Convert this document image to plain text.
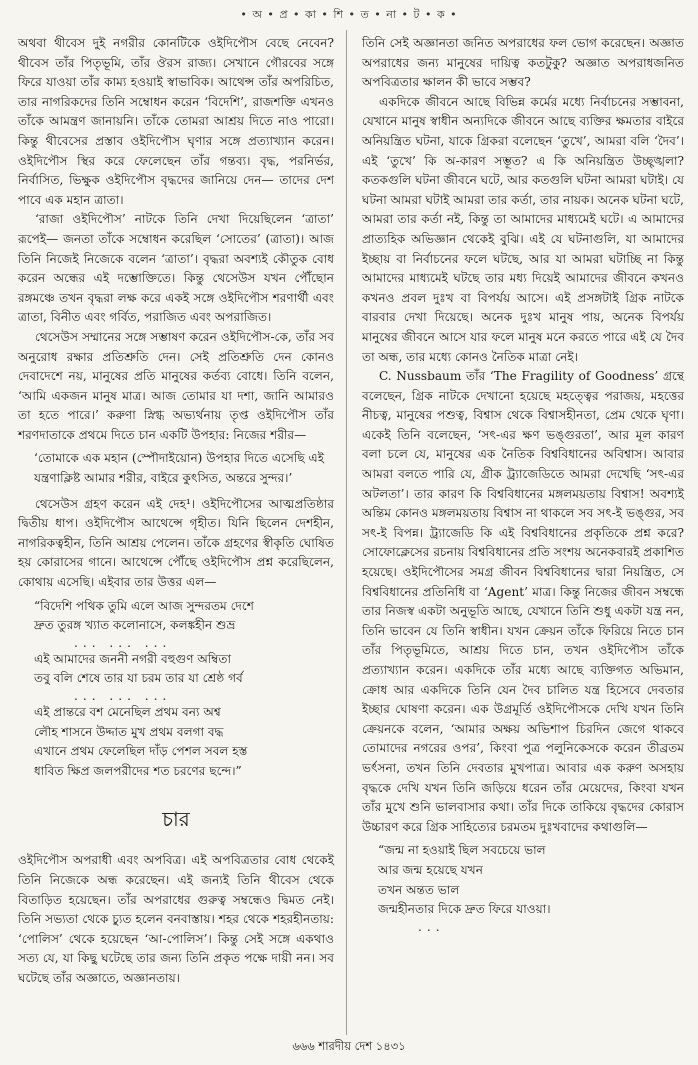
• অ • প্র • কা • শি • ত • না • ট • ক •

অথবা থীবেস দুই নগরীর কোনটিকে ওইদিপৌস বেছে নেবেন? থীবেস তাঁর পিতৃভূমি, তাঁর ঔরস রাজ্য। সেখানে গৌরবের সঙ্গে ফিরে যাওয়া তাঁর কাম্য হওয়াই স্বাভাবিক। আথেন্স তাঁর অপরিচিত, তার নাগরিকদের তিনি সম্বোধন করেন ‘বিদেশি’, রাজশক্তি এখনও তাঁকে আমন্ত্রণ জানায়নি। তাঁকে তোমরা আশ্রয় দিতে নাও পারো। কিন্তু থীবেসের প্রস্তাব ওইদিপৌস ঘৃণার সঙ্গে প্রত্যাখ্যান করেন। ওইদিপৌস স্থির করে ফেলেছেন তাঁর গন্তব্য। বৃদ্ধ, পরনির্ভর, নির্বাসিত, ভিক্ষুক ওইদিপৌস বৃদ্ধদের জানিয়ে দেন— তাদের দেশ পাবে এক মহান ত্রাতা।

‘রাজা ওইদিপৌস’ নাটকে তিনি দেখা দিয়েছিলেন ‘ত্রাতা’ রূপেই— জনতা তাঁকে সম্বোধন করেছিল ‘সোতের’ (ত্রাতা)। আজ তিনি নিজেই নিজেকে বলেন ‘ত্রাতা’। বৃদ্ধরা অবশ্যই কৌতুক বোধ করেন অন্ধের এই দম্ভোক্তিতে। কিন্তু থেসেউস যখন পৌঁছোন রঙ্গমঞ্চে তখন বৃদ্ধরা লক্ষ করে একই সঙ্গে ওইদিপৌস শরণার্থী এবং ত্রাতা, বিনীত এবং গর্বিত, পরাজিত এবং অপরাজিত।

থেসেউস সম্মানের সঙ্গে সম্ভাষণ করেন ওইদিপৌস-কে, তাঁর সব অনুরোধ রক্ষার প্রতিশ্রুতি দেন। সেই প্রতিশ্রুতি দেন কোনও দেবাদেশে নয়, মানুষের প্রতি মানুষের কর্তব্য বোধে। তিনি বলেন, ‘আমি একজন মানুষ মাত্র। আজ তোমার যা দশা, জানি আমারও তা হতে পারে।’ করুণা স্নিগ্ধ অভ্যর্থনায় তৃপ্ত ওইদিপৌস তাঁর শরণদাতাকে প্রথমে দিতে চান একটি উপহার: নিজের শরীর—

‘তোমাকে এক মহান (স্পৌদাইয়োন) উপহার দিতে এসেছি এই যন্ত্রণাক্লিষ্ট আমার শরীর, বাইরে কুৎসিত, অন্তরে সুন্দর।’

থেসেউস গ্রহণ করেন এই দেহ¹। ওইদিপৌসের আত্মপ্রতিষ্ঠার দ্বিতীয় ধাপ। ওইদিপৌস আথেন্সে গৃহীত। যিনি ছিলেন দেশহীন, নাগরিকত্বহীন, তিনি আশ্রয় পেলেন। তাঁকে গ্রহণের স্বীকৃতি ঘোষিত হয় কোরাসের গানে। আথেন্সে পৌঁছে ওইদিপৌস প্রশ্ন করেছিলেন, কোথায় এসেছি। এইবার তার উত্তর এল—

“বিদেশি পথিক তুমি এলে আজ সুন্দরতম দেশে

দ্রুত তুরঙ্গ খ্যাত কলোনাসে, কলঙ্কহীন শুভ্র

... ... ...

এই আমাদের জননী নগরী বহুগুণ অম্বিতা

তবু বলি শেষে তার যা চরম তার যা শ্রেষ্ঠ গর্ব

... ... ...

এই প্রান্তরে বশ মেনেছিল প্রথম বন্য অশ্ব

লৌহ শাসনে উদ্দাত মুখ প্রথম বলগা বদ্ধ

এখানে প্রথম ফেলেছিল দাঁড় পেশল সবল হস্ত

ধাবিত ক্ষিপ্র জলপরীদের শত চরণের ছন্দে।”

চার

ওইদিপৌস অপরাধী এবং অপবিত্র। এই অপবিত্রতার বোধ থেকেই তিনি নিজেকে অন্ধ করেছেন। এই জন্যই তিনি থীবেস থেকে বিতাড়িত হয়েছেন। তাঁর অপরাধের গুরুত্ব সম্বন্ধেও দ্বিমত নেই। তিনি সভ্যতা থেকে চ্যুত হলেন বনবাস্তায়। শহর থেকে শহরহীনতায়: ‘পোলিস’ থেকে হয়েছেন ‘আ-পোলিস’। কিন্তু সেই সঙ্গে একথাও সত্য যে, যা কিছু ঘটেছে তার জন্য তিনি প্রকৃত পক্ষে দায়ী নন। সব ঘটেছে তাঁর অজ্ঞাতে, অজ্ঞানতায়।

তিনি সেই অজ্ঞানতা জনিত অপরাধের ফল ভোগ করেছেন। অজ্ঞাত অপরাধের জন্য মানুষের দায়িত্ব কতটুকু? অজ্ঞাত অপরাধজনিত অপবিত্রতার ক্ষালন কী ভাবে সম্ভব?

একদিকে জীবনে আছে বিভিন্ন কর্মের মধ্যে নির্বাচনের সম্ভাবনা, যেখানে মানুষ স্বাধীন অন্যদিকে জীবনে আছে ব্যক্তির ক্ষমতার বাইরে অনিয়ন্ত্রিত ঘটনা, যাকে গ্রিকরা বলেছেন ‘তুখে’, আমরা বলি ‘দৈব’। এই ‘তুখে’ কি অ-কারণ সম্ভূত? এ কি অনিয়ন্ত্রিত উচ্ছৃঙ্খলা? কতকগুলি ঘটনা জীবনে ঘটে, আর কতগুলি ঘটনা আমরা ঘটাই। যে ঘটনা আমরা ঘটাই আমরা তার কর্তা, তার নায়ক। অনেক ঘটনা ঘটে, আমরা তার কর্তা নই, কিন্তু তা আমাদের মাধ্যমেই ঘটে। এ আমাদের প্রাত্যহিক অভিজ্ঞান থেকেই বুঝি। এই যে ঘটনাগুলি, যা আমাদের ইচ্ছায় বা নির্বাচনের ফলে ঘটছে, আর যা আমরা ঘটাচ্ছি না কিন্তু আমাদের মাধ্যমেই ঘটছে তার মধ্য দিয়েই আমাদের জীবনে কখনও কখনও প্রবল দুঃখ বা বিপর্যয় আসে। এই প্রসঙ্গটাই গ্রিক নাটকে বারবার দেখা দিয়েছে। অনেক দুঃখ মানুষ পায়, অনেক বিপর্যয় মানুষের জীবনে আসে যার ফলে মানুষ মনে করতে পারে এই যে দৈব তা অন্ধ, তার মধ্যে কোনও নৈতিক মাত্রা নেই।

C. Nussbaum তাঁর ‘The Fragility of Goodness’ গ্রন্থে বলেছেন, গ্রিক নাটকে দেখানো হয়েছে মহত্ত্বের পরাজয়, মহত্তের নীচত্ব, মানুষের পশুত্ব, বিশ্বাস থেকে বিশ্বাসহীনতা, প্রেম থেকে ঘৃণা। একেই তিনি বলেছেন, ‘সৎ-এর ক্ষণ ভঙ্গুরতা’, আর মূল কারণ বলা চলে যে, মানুষের এক নৈতিক বিশ্ববিধানের অবিশ্বাস। আবার আমরা বলতে পারি যে, গ্রীক ট্র্যাজেডিতে আমরা দেখেছি ‘সৎ-এর অটলতা’। তার কারণ কি বিশ্ববিধানের মঙ্গলময়তায় বিশ্বাস! অবশ্যই অন্তিম কোনও মঙ্গলময়তায় বিশ্বাস না থাকলে সব সৎ-ই ভঙ্গুর, সব সৎ-ই বিপন্ন। ট্র্যাজেডি কি এই বিশ্ববিধানের প্রকৃতিকে প্রশ্ন করে? সোফোক্লেসের রচনায় বিশ্ববিধানের প্রতি সংশয় অনেকবারই প্রকাশিত হয়েছে। ওইদিপৌসের সমগ্র জীবন বিশ্ববিধানের দ্বারা নিয়ন্ত্রিত, সে বিশ্ববিধানের প্রতিনিধি বা ‘Agent’ মাত্র। কিন্তু নিজের জীবন সম্বন্ধে তার নিজস্ব একটা অনুভূতি আছে, যেখানে তিনি শুধু একটা যন্ত্র নন, তিনি ভাবেন যে তিনি স্বাধীন। যখন ক্রেয়ন তাঁকে ফিরিয়ে নিতে চান তাঁর পিতৃভূমিতে, আশ্রয় দিতে চান, তখন ওইদিপৌস তাঁকে প্রত্যাখ্যান করেন। একদিকে তাঁর মধ্যে আছে ব্যক্তিগত অভিমান, ক্রোধ আর একদিকে তিনি যেন দৈব চালিত যন্ত্র হিসেবে দেবতার ইচ্ছার ঘোষণা করেন। এক উগ্রমূর্তি ওইদিপৌসকে দেখি যখন তিনি ক্রেয়নকে বলেন, ‘আমার অক্ষয় অভিশাপ চিরদিন জেগে থাকবে তোমাদের নগরের ওপর’, কিংবা পুত্র পলুনিকেসকে করেন তীব্রতম ভর্ৎসনা, তখন তিনি দেবতার মুখপাত্র। আবার এক করুণ অসহায় বৃদ্ধকে দেখি যখন তিনি জড়িয়ে ধরেন তাঁর মেয়েদের, কিংবা যখন তাঁর মুখে শুনি ভালবাসার কথা। তাঁর দিকে তাকিয়ে বৃদ্ধদের কোরাস উচ্চারণ করে গ্রিক সাহিত্যের চরমতম দুঃখবাদের কথাগুলি—

“জন্ম না হওয়াই ছিল সবচেয়ে ভাল

আর জন্ম হয়েছে যখন

তখন অন্তত ভাল

জন্মহীনতার দিকে দ্রুত ফিরে যাওয়া।

...

৬৬৬ শারদীয় দেশ ১৪৩১
